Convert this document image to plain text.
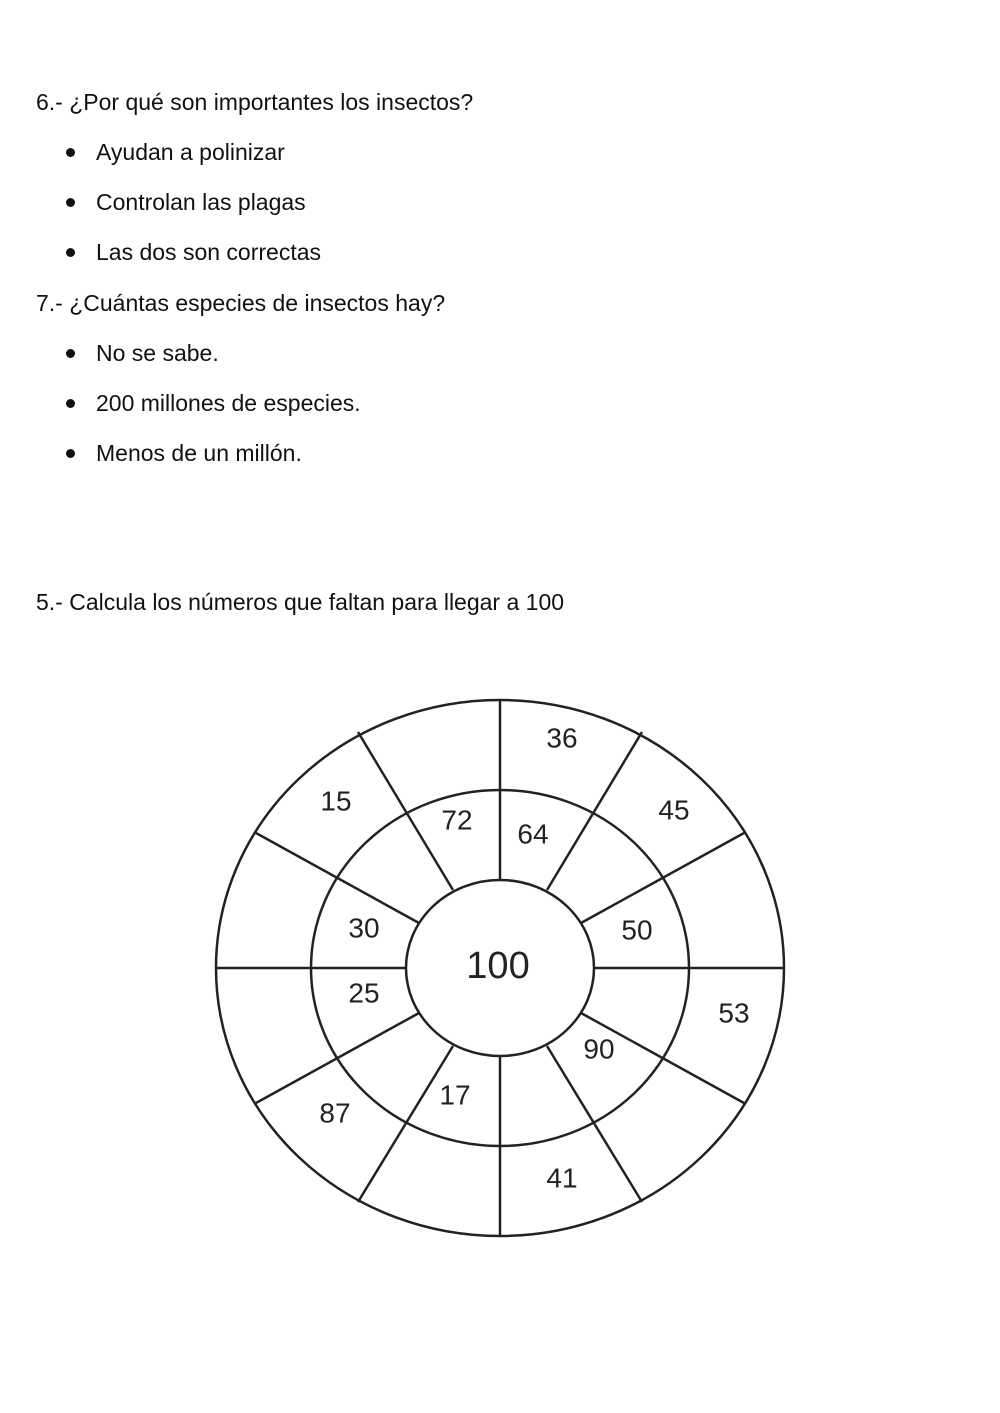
6.- ¿Por qué son importantes los insectos?

Ayudan a polinizar
Controlan las plagas
Las dos son correctas

7.- ¿Cuántas especies de insectos hay?

No se sabe.
200 millones de especies.
Menos de un millón.

5.- Calcula los números que faltan para llegar a 100

100
36
45
53
41
87
15
72 64
50
90
17
25
30
